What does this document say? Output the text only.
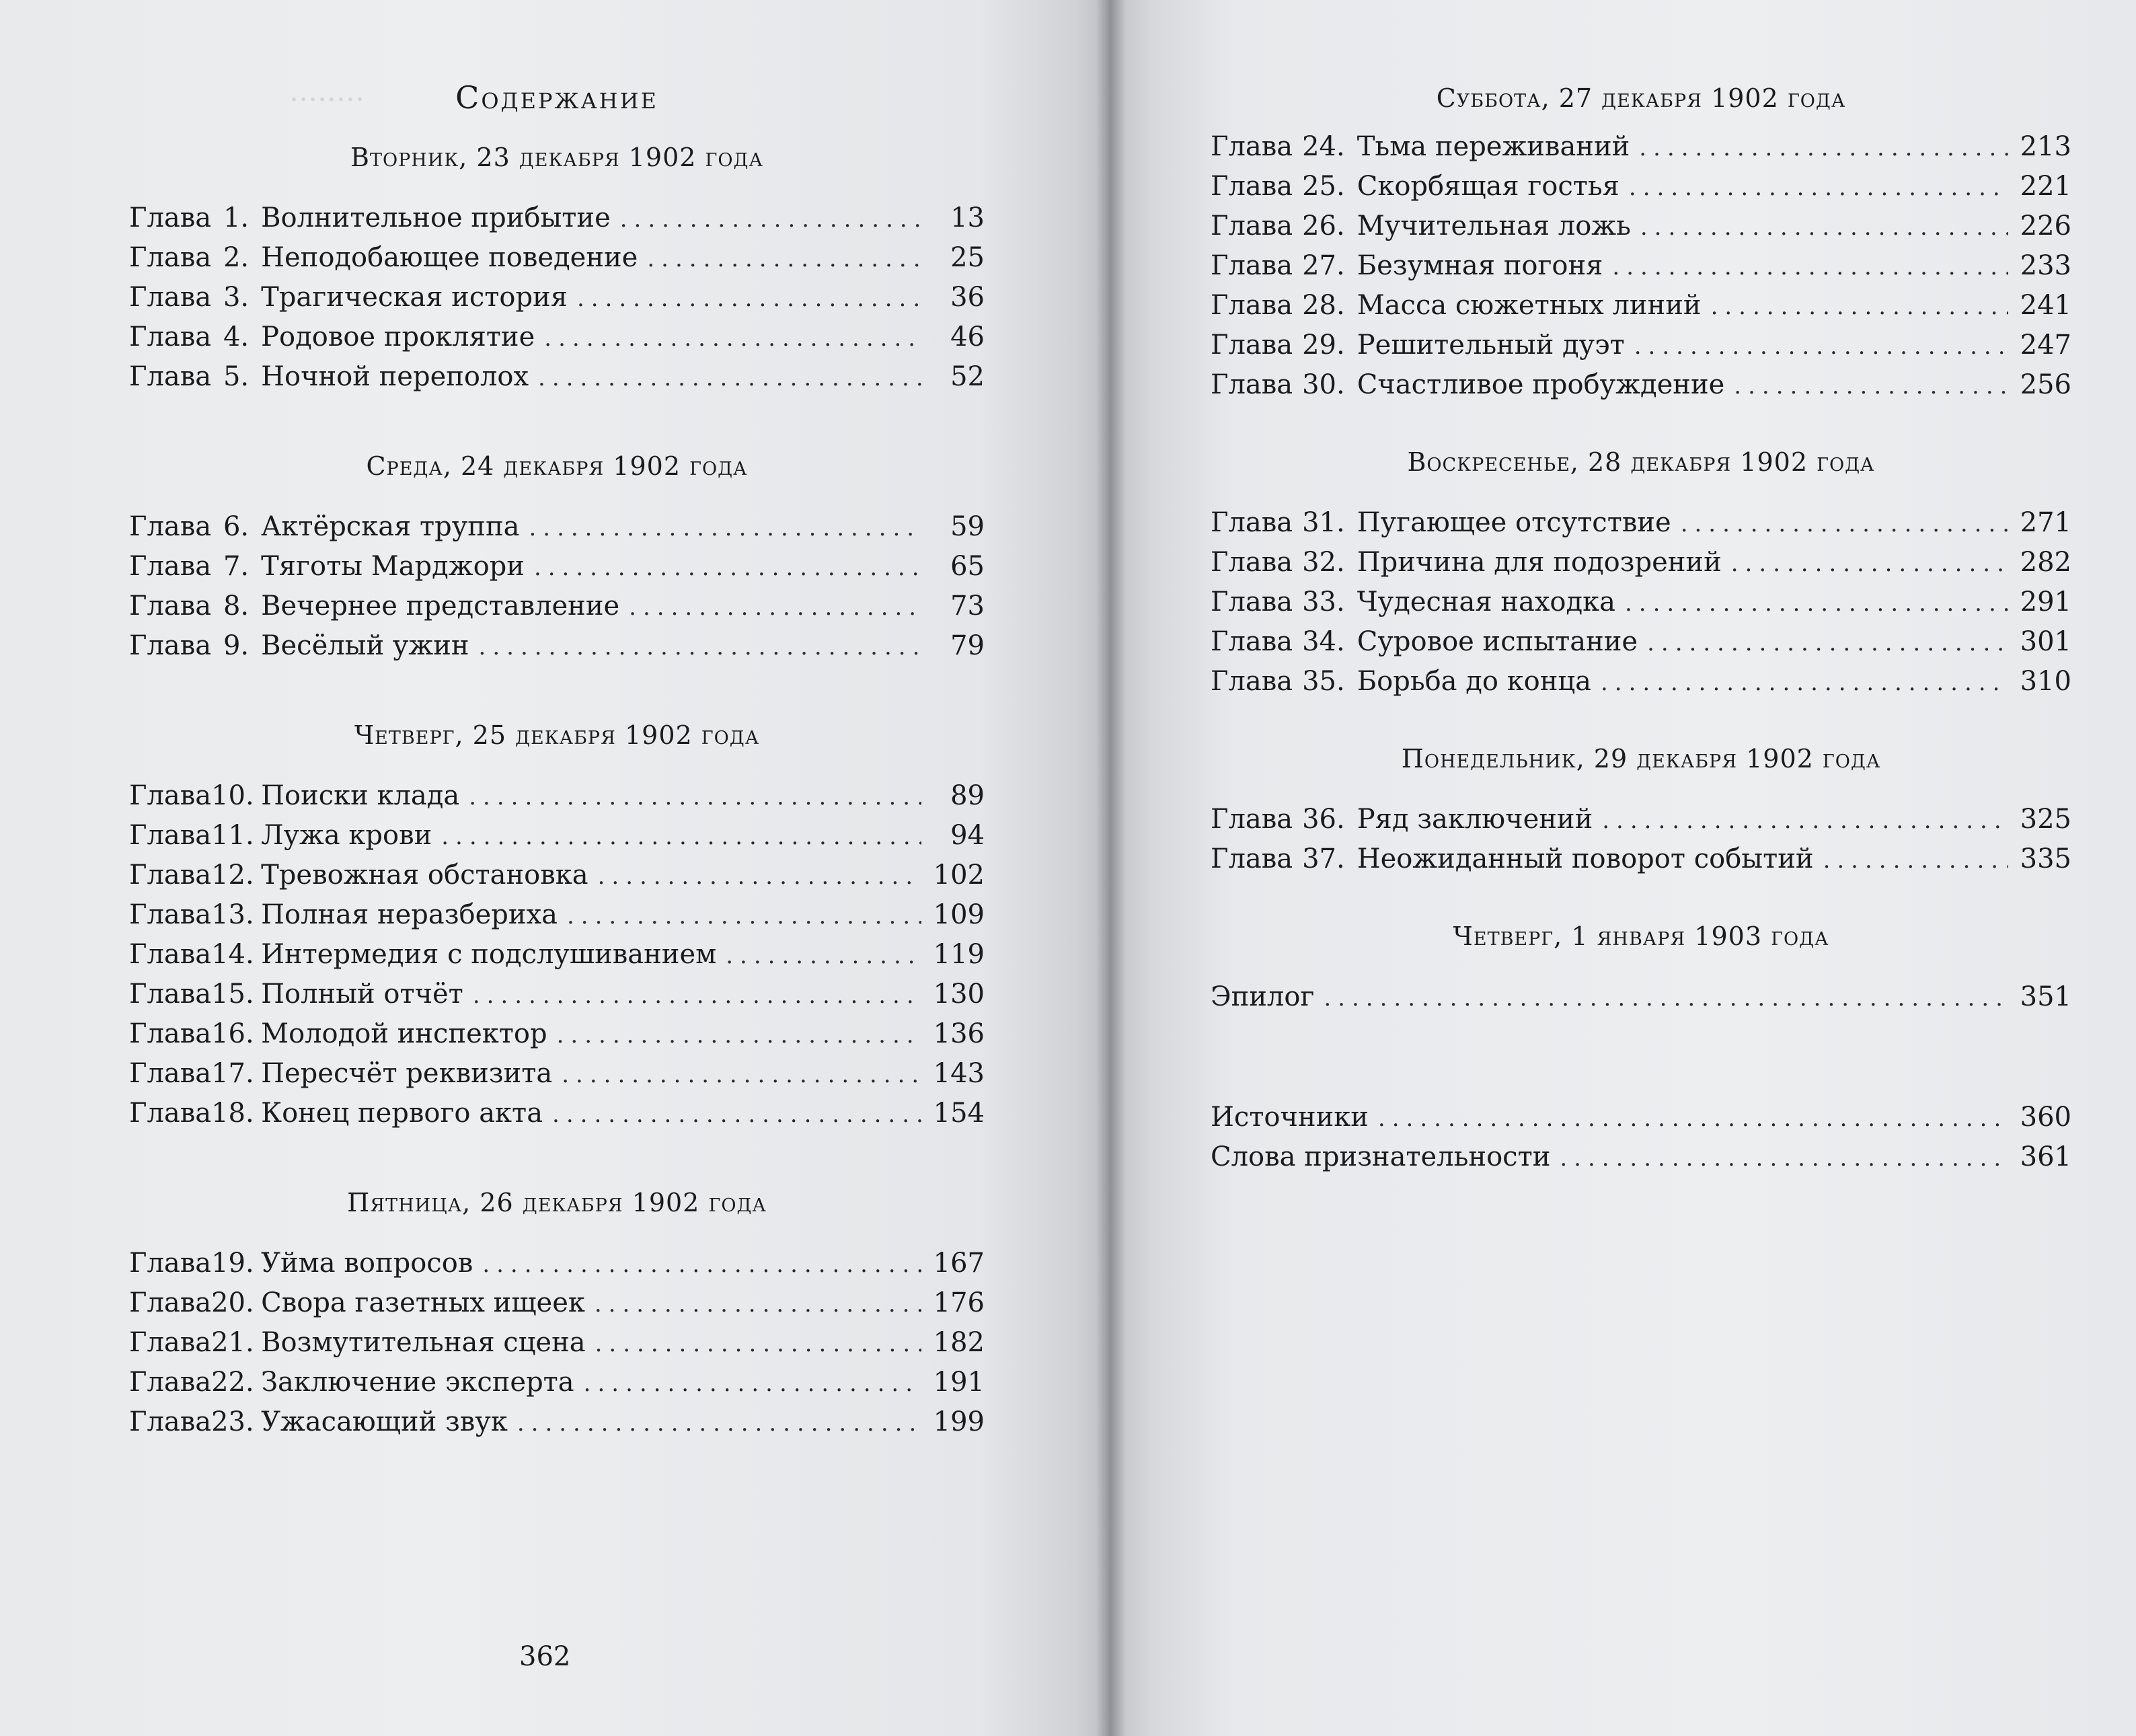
········	Содержание
Вторник, 23 декабря 1902 года
Глава 1. Волнительное прибытие .....	13
Глава 2. Неподобающее поведение .....	25
Глава 3. Трагическая история .....	36
Глава 4. Родовое проклятие .....	46
Глава 5. Ночной переполох .....	52
Среда, 24 декабря 1902 года
Глава 6. Актёрская труппа .....	59
Глава 7. Тяготы Марджори .....	65
Глава 8. Вечернее представление .....	73
Глава 9. Весёлый ужин .....	79
Четверг, 25 декабря 1902 года
Глава 10. Поиски клада .....	89
Глава 11. Лужа крови .....	94
Глава 12. Тревожная обстановка .....	102
Глава 13. Полная неразбериха .....	109
Глава 14. Интермедия с подслушиванием .....	119
Глава 15. Полный отчёт .....	130
Глава 16. Молодой инспектор .....	136
Глава 17. Пересчёт реквизита .....	143
Глава 18. Конец первого акта .....	154
Пятница, 26 декабря 1902 года
Глава 19. Уйма вопросов .....	167
Глава 20. Свора газетных ищеек .....	176
Глава 21. Возмутительная сцена .....	182
Глава 22. Заключение эксперта .....	191
Глава 23. Ужасающий звук .....	199
362
Суббота, 27 декабря 1902 года
Глава 24. Тьма переживаний .....	213
Глава 25. Скорбящая гостья .....	221
Глава 26. Мучительная ложь .....	226
Глава 27. Безумная погоня .....	233
Глава 28. Масса сюжетных линий .....	241
Глава 29. Решительный дуэт .....	247
Глава 30. Счастливое пробуждение .....	256
Воскресенье, 28 декабря 1902 года
Глава 31. Пугающее отсутствие .....	271
Глава 32. Причина для подозрений .....	282
Глава 33. Чудесная находка .....	291
Глава 34. Суровое испытание .....	301
Глава 35. Борьба до конца .....	310
Понедельник, 29 декабря 1902 года
Глава 36. Ряд заключений .....	325
Глава 37. Неожиданный поворот событий .....	335
Четверг, 1 января 1903 года
Эпилог .....	351
Источники .....	360
Слова признательности .....	361
